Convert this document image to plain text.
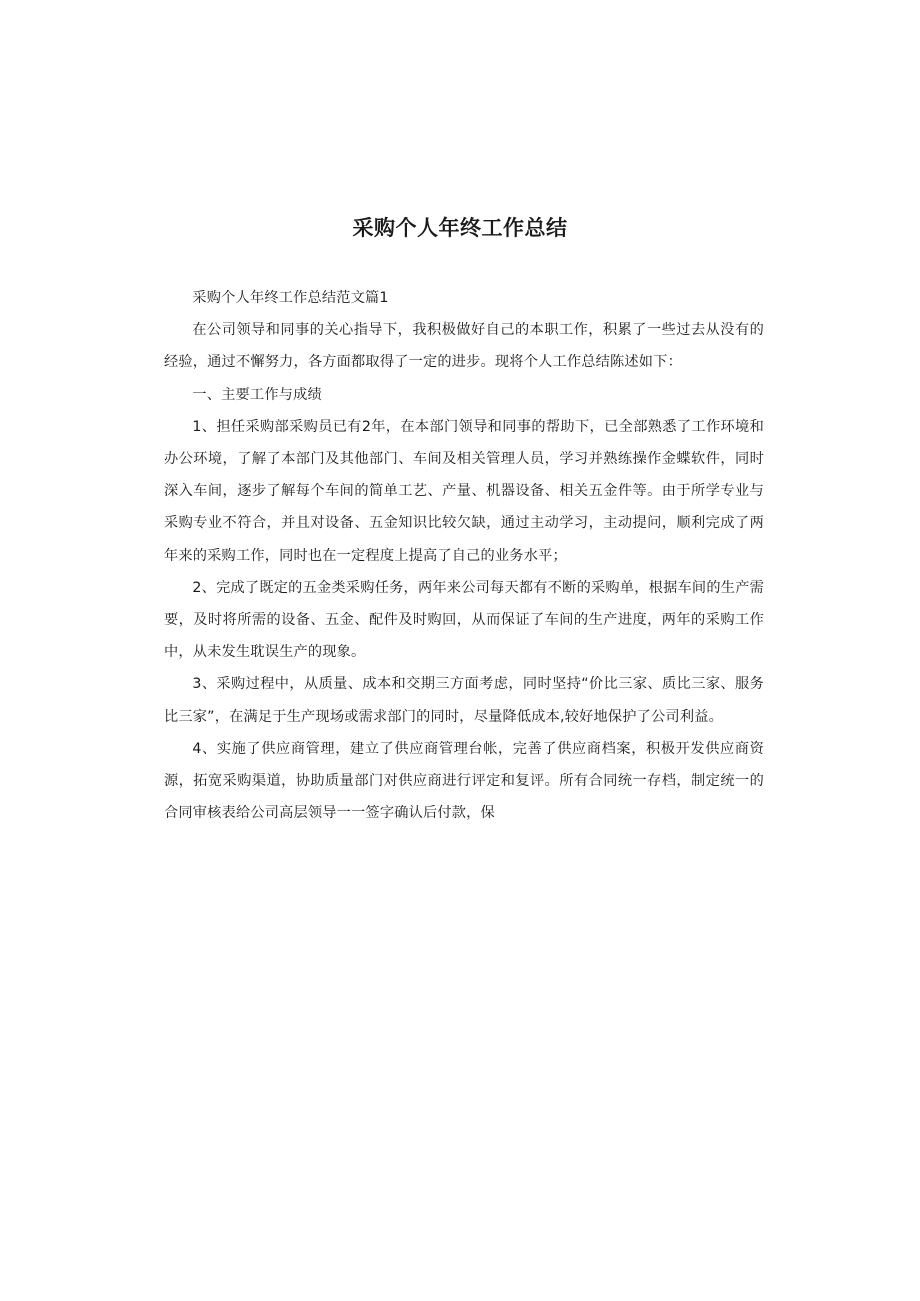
采购个人年终工作总结

采购个人年终工作总结范文篇1

在公司领导和同事的关心指导下，我积极做好自己的本职工作，积累了一些过去从没有的经验，通过不懈努力，各方面都取得了一定的进步。现将个人工作总结陈述如下：

一、主要工作与成绩

1、担任采购部采购员已有2年，在本部门领导和同事的帮助下，已全部熟悉了工作环境和办公环境，了解了本部门及其他部门、车间及相关管理人员，学习并熟练操作金蝶软件，同时深入车间，逐步了解每个车间的简单工艺、产量、机器设备、相关五金件等。由于所学专业与采购专业不符合，并且对设备、五金知识比较欠缺，通过主动学习，主动提问，顺利完成了两年来的采购工作，同时也在一定程度上提高了自己的业务水平；

2、完成了既定的五金类采购任务，两年来公司每天都有不断的采购单，根据车间的生产需要，及时将所需的设备、五金、配件及时购回，从而保证了车间的生产进度，两年的采购工作中，从未发生耽误生产的现象。

3、采购过程中，从质量、成本和交期三方面考虑，同时坚持“价比三家、质比三家、服务比三家”，在满足于生产现场或需求部门的同时，尽量降低成本,较好地保护了公司利益。

4、实施了供应商管理，建立了供应商管理台帐，完善了供应商档案，积极开发供应商资源，拓宽采购渠道，协助质量部门对供应商进行评定和复评。所有合同统一存档，制定统一的合同审核表给公司高层领导一一签字确认后付款，保
